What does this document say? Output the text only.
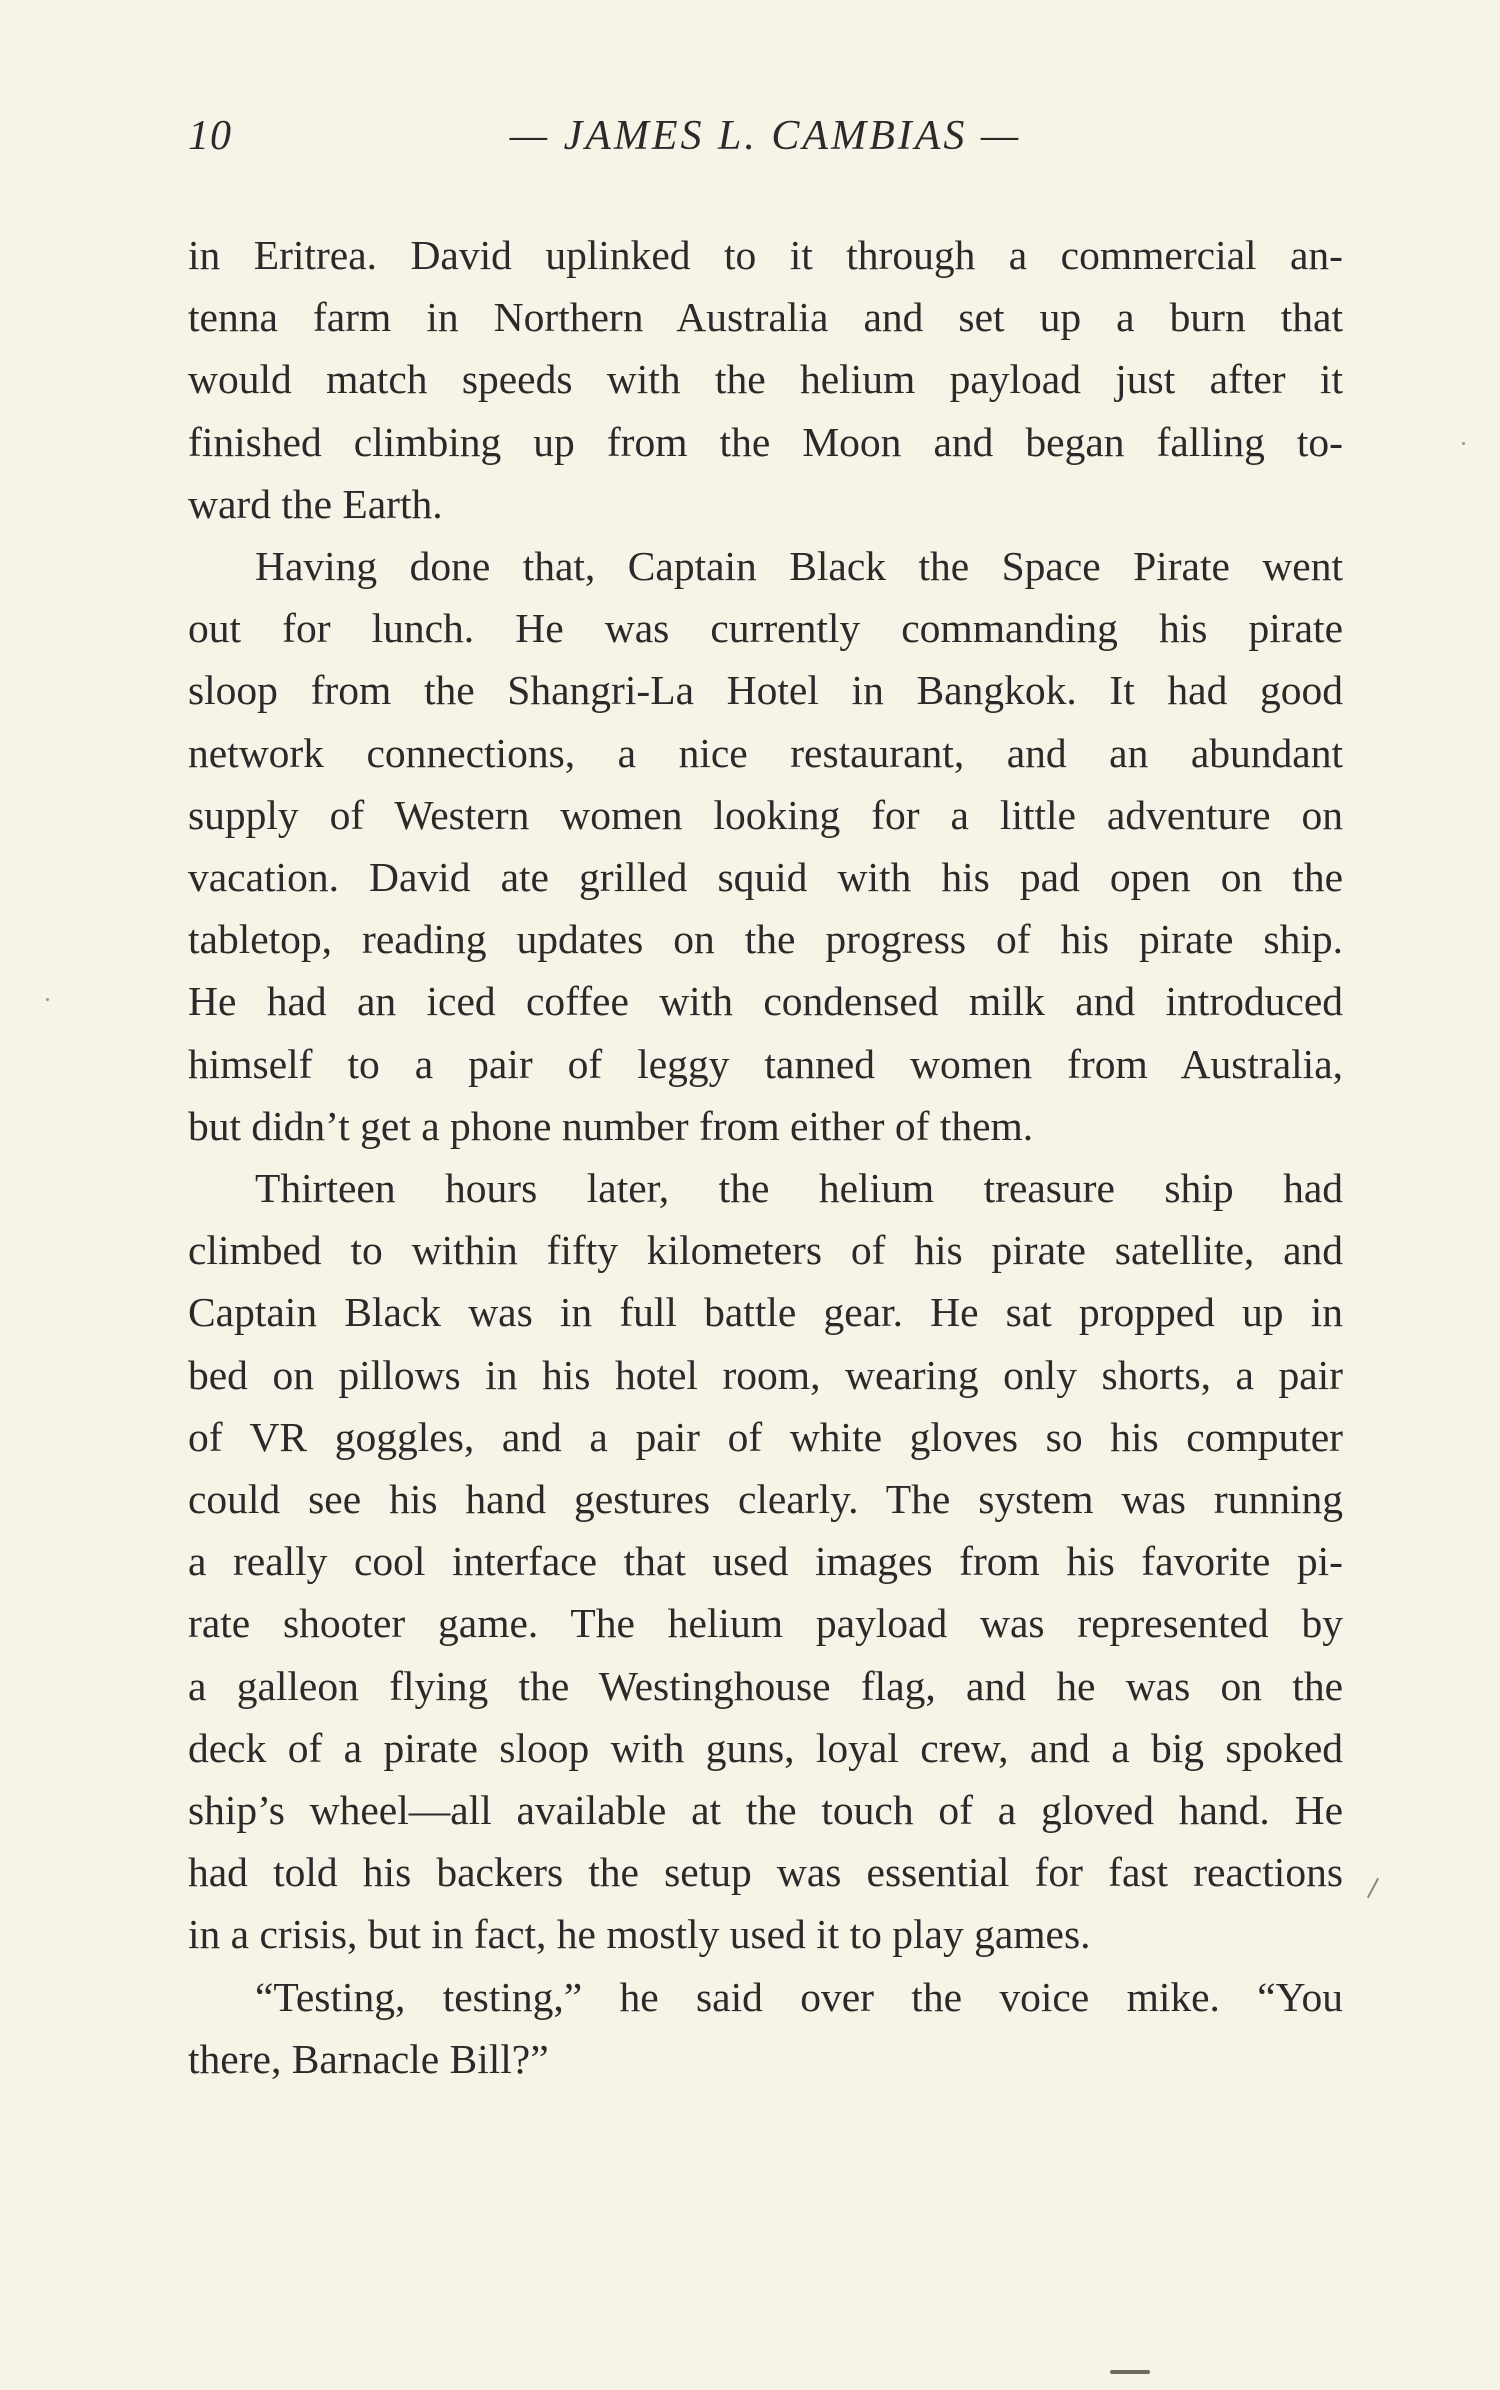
10	— JAMES L. CAMBIAS —
in Eritrea. David uplinked to it through a commercial an-
tenna farm in Northern Australia and set up a burn that
would match speeds with the helium payload just after it
finished climbing up from the Moon and began falling to-
ward the Earth.
Having done that, Captain Black the Space Pirate went
out for lunch. He was currently commanding his pirate
sloop from the Shangri-La Hotel in Bangkok. It had good
network connections, a nice restaurant, and an abundant
supply of Western women looking for a little adventure on
vacation. David ate grilled squid with his pad open on the
tabletop, reading updates on the progress of his pirate ship.
He had an iced coffee with condensed milk and introduced
himself to a pair of leggy tanned women from Australia,
but didn’t get a phone number from either of them.
Thirteen hours later, the helium treasure ship had
climbed to within fifty kilometers of his pirate satellite, and
Captain Black was in full battle gear. He sat propped up in
bed on pillows in his hotel room, wearing only shorts, a pair
of VR goggles, and a pair of white gloves so his computer
could see his hand gestures clearly. The system was running
a really cool interface that used images from his favorite pi-
rate shooter game. The helium payload was represented by
a galleon flying the Westinghouse flag, and he was on the
deck of a pirate sloop with guns, loyal crew, and a big spoked
ship’s wheel—all available at the touch of a gloved hand. He
had told his backers the setup was essential for fast reactions
in a crisis, but in fact, he mostly used it to play games.
“Testing, testing,” he said over the voice mike. “You
there, Barnacle Bill?”
